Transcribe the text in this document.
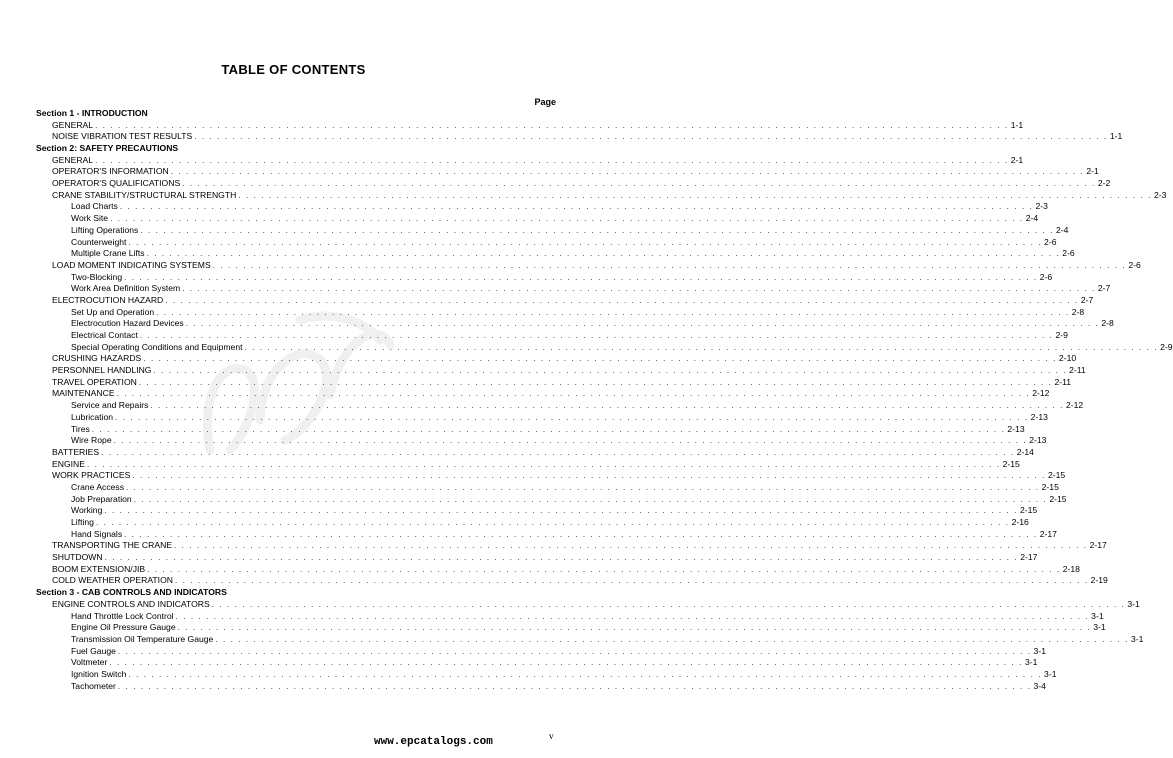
TABLE OF CONTENTS
Page
Section 1 - INTRODUCTION
GENERAL . . . . . . . . . . . . . . . . . . . . . . . . . . . . . . . . . . . . . . . . . . . . . . . . . . . . . . . . . . . . . . . . . . . . . . . . . . . . . . . . . . . . . . . . . . . . . . . . . . . . . . . . . . . . . . . . . . . . . . . . 1-1
NOISE VIBRATION TEST RESULTS . . . . . . . . . . . . . . . . . . . . . . . . . . . . . . . . . . . . . . . . . . . . . . . . . . . . . . . . . . . . . . . . . . . . . . . . . . . . . . . . . . . . . . . . . . . . . . . . . . . . . . . . . . . . . . . . . . . . . . . . 1-1
Section 2: SAFETY PRECAUTIONS
GENERAL . . . . . . . . . . . . . . . . . . . . . . . . . . . . . . . . . . . . . . . . . . . . . . . . . . . . . . . . . . . . . . . . . . . . . . . . . . . . . . . . . . . . . . . . . . . . . . . . . . . . . . . . . . . . . . . . . . . . . . . . 2-1
OPERATOR'S INFORMATION . . . . . . . . . . . . . . . . . . . . . . . . . . . . . . . . . . . . . . . . . . . . . . . . . . . . . . . . . . . . . . . . . . . . . . . . . . . . . . . . . . . . . . . . . . . . . . . . . . . . . . . . . . . . . . . . . . . . . . . . 2-1
OPERATOR'S QUALIFICATIONS . . . . . . . . . . . . . . . . . . . . . . . . . . . . . . . . . . . . . . . . . . . . . . . . . . . . . . . . . . . . . . . . . . . . . . . . . . . . . . . . . . . . . . . . . . . . . . . . . . . . . . . . . . . . . . . . . . . . . . . . 2-2
CRANE STABILITY/STRUCTURAL STRENGTH . . . . . . . . . . . . . . . . . . . . . . . . . . . . . . . . . . . . . . . . . . . . . . . . . . . . . . . . . . . . . . . . . . . . . . . . . . . . . . . . . . . . . . . . . . . . . . . . . . . . . . . . . . . . . . . . . . . . . . . . 2-3
Load Charts . . . . . . . . . . . . . . . . . . . . . . . . . . . . . . . . . . . . . . . . . . . . . . . . . . . . . . . . . . . . . . . . . . . . . . . . . . . . . . . . . . . . . . . . . . . . . . . . . . . . . . . . . . . . . . . . . . . . . . . . 2-3
Work Site . . . . . . . . . . . . . . . . . . . . . . . . . . . . . . . . . . . . . . . . . . . . . . . . . . . . . . . . . . . . . . . . . . . . . . . . . . . . . . . . . . . . . . . . . . . . . . . . . . . . . . . . . . . . . . . . . . . . . . . . 2-4
Lifting Operations . . . . . . . . . . . . . . . . . . . . . . . . . . . . . . . . . . . . . . . . . . . . . . . . . . . . . . . . . . . . . . . . . . . . . . . . . . . . . . . . . . . . . . . . . . . . . . . . . . . . . . . . . . . . . . . . . . . . . . . . 2-4
Counterweight . . . . . . . . . . . . . . . . . . . . . . . . . . . . . . . . . . . . . . . . . . . . . . . . . . . . . . . . . . . . . . . . . . . . . . . . . . . . . . . . . . . . . . . . . . . . . . . . . . . . . . . . . . . . . . . . . . . . . . . . 2-6
Multiple Crane Lifts . . . . . . . . . . . . . . . . . . . . . . . . . . . . . . . . . . . . . . . . . . . . . . . . . . . . . . . . . . . . . . . . . . . . . . . . . . . . . . . . . . . . . . . . . . . . . . . . . . . . . . . . . . . . . . . . . . . . . . . . 2-6
LOAD MOMENT INDICATING SYSTEMS . . . . . . . . . . . . . . . . . . . . . . . . . . . . . . . . . . . . . . . . . . . . . . . . . . . . . . . . . . . . . . . . . . . . . . . . . . . . . . . . . . . . . . . . . . . . . . . . . . . . . . . . . . . . . . . . . . . . . . . . 2-6
Two-Blocking . . . . . . . . . . . . . . . . . . . . . . . . . . . . . . . . . . . . . . . . . . . . . . . . . . . . . . . . . . . . . . . . . . . . . . . . . . . . . . . . . . . . . . . . . . . . . . . . . . . . . . . . . . . . . . . . . . . . . . . . 2-6
Work Area Definition System . . . . . . . . . . . . . . . . . . . . . . . . . . . . . . . . . . . . . . . . . . . . . . . . . . . . . . . . . . . . . . . . . . . . . . . . . . . . . . . . . . . . . . . . . . . . . . . . . . . . . . . . . . . . . . . . . . . . . . . . 2-7
ELECTROCUTION HAZARD . . . . . . . . . . . . . . . . . . . . . . . . . . . . . . . . . . . . . . . . . . . . . . . . . . . . . . . . . . . . . . . . . . . . . . . . . . . . . . . . . . . . . . . . . . . . . . . . . . . . . . . . . . . . . . . . . . . . . . . . 2-7
Set Up and Operation . . . . . . . . . . . . . . . . . . . . . . . . . . . . . . . . . . . . . . . . . . . . . . . . . . . . . . . . . . . . . . . . . . . . . . . . . . . . . . . . . . . . . . . . . . . . . . . . . . . . . . . . . . . . . . . . . . . . . . . . 2-8
Electrocution Hazard Devices . . . . . . . . . . . . . . . . . . . . . . . . . . . . . . . . . . . . . . . . . . . . . . . . . . . . . . . . . . . . . . . . . . . . . . . . . . . . . . . . . . . . . . . . . . . . . . . . . . . . . . . . . . . . . . . . . . . . . . . . 2-8
Electrical Contact . . . . . . . . . . . . . . . . . . . . . . . . . . . . . . . . . . . . . . . . . . . . . . . . . . . . . . . . . . . . . . . . . . . . . . . . . . . . . . . . . . . . . . . . . . . . . . . . . . . . . . . . . . . . . . . . . . . . . . . . 2-9
Special Operating Conditions and Equipment . . . . . . . . . . . . . . . . . . . . . . . . . . . . . . . . . . . . . . . . . . . . . . . . . . . . . . . . . . . . . . . . . . . . . . . . . . . . . . . . . . . . . . . . . . . . . . . . . . . . . . . . . . . . . . . . . . . . . . . . 2-9
CRUSHING HAZARDS . . . . . . . . . . . . . . . . . . . . . . . . . . . . . . . . . . . . . . . . . . . . . . . . . . . . . . . . . . . . . . . . . . . . . . . . . . . . . . . . . . . . . . . . . . . . . . . . . . . . . . . . . . . . . . . . . . . . . . . . 2-10
PERSONNEL HANDLING . . . . . . . . . . . . . . . . . . . . . . . . . . . . . . . . . . . . . . . . . . . . . . . . . . . . . . . . . . . . . . . . . . . . . . . . . . . . . . . . . . . . . . . . . . . . . . . . . . . . . . . . . . . . . . . . . . . . . . . . 2-11
TRAVEL OPERATION . . . . . . . . . . . . . . . . . . . . . . . . . . . . . . . . . . . . . . . . . . . . . . . . . . . . . . . . . . . . . . . . . . . . . . . . . . . . . . . . . . . . . . . . . . . . . . . . . . . . . . . . . . . . . . . . . . . . . . . . 2-11
MAINTENANCE . . . . . . . . . . . . . . . . . . . . . . . . . . . . . . . . . . . . . . . . . . . . . . . . . . . . . . . . . . . . . . . . . . . . . . . . . . . . . . . . . . . . . . . . . . . . . . . . . . . . . . . . . . . . . . . . . . . . . . . . 2-12
Service and Repairs . . . . . . . . . . . . . . . . . . . . . . . . . . . . . . . . . . . . . . . . . . . . . . . . . . . . . . . . . . . . . . . . . . . . . . . . . . . . . . . . . . . . . . . . . . . . . . . . . . . . . . . . . . . . . . . . . . . . . . . . 2-12
Lubrication . . . . . . . . . . . . . . . . . . . . . . . . . . . . . . . . . . . . . . . . . . . . . . . . . . . . . . . . . . . . . . . . . . . . . . . . . . . . . . . . . . . . . . . . . . . . . . . . . . . . . . . . . . . . . . . . . . . . . . . . 2-13
Tires . . . . . . . . . . . . . . . . . . . . . . . . . . . . . . . . . . . . . . . . . . . . . . . . . . . . . . . . . . . . . . . . . . . . . . . . . . . . . . . . . . . . . . . . . . . . . . . . . . . . . . . . . . . . . . . . . . . . . . . . 2-13
Wire Rope . . . . . . . . . . . . . . . . . . . . . . . . . . . . . . . . . . . . . . . . . . . . . . . . . . . . . . . . . . . . . . . . . . . . . . . . . . . . . . . . . . . . . . . . . . . . . . . . . . . . . . . . . . . . . . . . . . . . . . . . 2-13
BATTERIES . . . . . . . . . . . . . . . . . . . . . . . . . . . . . . . . . . . . . . . . . . . . . . . . . . . . . . . . . . . . . . . . . . . . . . . . . . . . . . . . . . . . . . . . . . . . . . . . . . . . . . . . . . . . . . . . . . . . . . . . 2-14
ENGINE . . . . . . . . . . . . . . . . . . . . . . . . . . . . . . . . . . . . . . . . . . . . . . . . . . . . . . . . . . . . . . . . . . . . . . . . . . . . . . . . . . . . . . . . . . . . . . . . . . . . . . . . . . . . . . . . . . . . . . . . 2-15
WORK PRACTICES . . . . . . . . . . . . . . . . . . . . . . . . . . . . . . . . . . . . . . . . . . . . . . . . . . . . . . . . . . . . . . . . . . . . . . . . . . . . . . . . . . . . . . . . . . . . . . . . . . . . . . . . . . . . . . . . . . . . . . . . 2-15
Crane Access . . . . . . . . . . . . . . . . . . . . . . . . . . . . . . . . . . . . . . . . . . . . . . . . . . . . . . . . . . . . . . . . . . . . . . . . . . . . . . . . . . . . . . . . . . . . . . . . . . . . . . . . . . . . . . . . . . . . . . . . 2-15
Job Preparation . . . . . . . . . . . . . . . . . . . . . . . . . . . . . . . . . . . . . . . . . . . . . . . . . . . . . . . . . . . . . . . . . . . . . . . . . . . . . . . . . . . . . . . . . . . . . . . . . . . . . . . . . . . . . . . . . . . . . . . . 2-15
Working . . . . . . . . . . . . . . . . . . . . . . . . . . . . . . . . . . . . . . . . . . . . . . . . . . . . . . . . . . . . . . . . . . . . . . . . . . . . . . . . . . . . . . . . . . . . . . . . . . . . . . . . . . . . . . . . . . . . . . . . 2-15
Lifting . . . . . . . . . . . . . . . . . . . . . . . . . . . . . . . . . . . . . . . . . . . . . . . . . . . . . . . . . . . . . . . . . . . . . . . . . . . . . . . . . . . . . . . . . . . . . . . . . . . . . . . . . . . . . . . . . . . . . . . . 2-16
Hand Signals . . . . . . . . . . . . . . . . . . . . . . . . . . . . . . . . . . . . . . . . . . . . . . . . . . . . . . . . . . . . . . . . . . . . . . . . . . . . . . . . . . . . . . . . . . . . . . . . . . . . . . . . . . . . . . . . . . . . . . . . 2-17
TRANSPORTING THE CRANE . . . . . . . . . . . . . . . . . . . . . . . . . . . . . . . . . . . . . . . . . . . . . . . . . . . . . . . . . . . . . . . . . . . . . . . . . . . . . . . . . . . . . . . . . . . . . . . . . . . . . . . . . . . . . . . . . . . . . . . . 2-17
SHUTDOWN . . . . . . . . . . . . . . . . . . . . . . . . . . . . . . . . . . . . . . . . . . . . . . . . . . . . . . . . . . . . . . . . . . . . . . . . . . . . . . . . . . . . . . . . . . . . . . . . . . . . . . . . . . . . . . . . . . . . . . . . 2-17
BOOM EXTENSION/JIB . . . . . . . . . . . . . . . . . . . . . . . . . . . . . . . . . . . . . . . . . . . . . . . . . . . . . . . . . . . . . . . . . . . . . . . . . . . . . . . . . . . . . . . . . . . . . . . . . . . . . . . . . . . . . . . . . . . . . . . . 2-18
COLD WEATHER OPERATION . . . . . . . . . . . . . . . . . . . . . . . . . . . . . . . . . . . . . . . . . . . . . . . . . . . . . . . . . . . . . . . . . . . . . . . . . . . . . . . . . . . . . . . . . . . . . . . . . . . . . . . . . . . . . . . . . . . . . . . . 2-19
Section 3 - CAB CONTROLS AND INDICATORS
ENGINE CONTROLS AND INDICATORS . . . . . . . . . . . . . . . . . . . . . . . . . . . . . . . . . . . . . . . . . . . . . . . . . . . . . . . . . . . . . . . . . . . . . . . . . . . . . . . . . . . . . . . . . . . . . . . . . . . . . . . . . . . . . . . . . . . . . . . . 3-1
Hand Throttle Lock Control . . . . . . . . . . . . . . . . . . . . . . . . . . . . . . . . . . . . . . . . . . . . . . . . . . . . . . . . . . . . . . . . . . . . . . . . . . . . . . . . . . . . . . . . . . . . . . . . . . . . . . . . . . . . . . . . . . . . . . . . 3-1
Engine Oil Pressure Gauge . . . . . . . . . . . . . . . . . . . . . . . . . . . . . . . . . . . . . . . . . . . . . . . . . . . . . . . . . . . . . . . . . . . . . . . . . . . . . . . . . . . . . . . . . . . . . . . . . . . . . . . . . . . . . . . . . . . . . . . . 3-1
Transmission Oil Temperature Gauge . . . . . . . . . . . . . . . . . . . . . . . . . . . . . . . . . . . . . . . . . . . . . . . . . . . . . . . . . . . . . . . . . . . . . . . . . . . . . . . . . . . . . . . . . . . . . . . . . . . . . . . . . . . . . . . . . . . . . . . . 3-1
Fuel Gauge . . . . . . . . . . . . . . . . . . . . . . . . . . . . . . . . . . . . . . . . . . . . . . . . . . . . . . . . . . . . . . . . . . . . . . . . . . . . . . . . . . . . . . . . . . . . . . . . . . . . . . . . . . . . . . . . . . . . . . . . 3-1
Voltmeter . . . . . . . . . . . . . . . . . . . . . . . . . . . . . . . . . . . . . . . . . . . . . . . . . . . . . . . . . . . . . . . . . . . . . . . . . . . . . . . . . . . . . . . . . . . . . . . . . . . . . . . . . . . . . . . . . . . . . . . . 3-1
Ignition Switch . . . . . . . . . . . . . . . . . . . . . . . . . . . . . . . . . . . . . . . . . . . . . . . . . . . . . . . . . . . . . . . . . . . . . . . . . . . . . . . . . . . . . . . . . . . . . . . . . . . . . . . . . . . . . . . . . . . . . . . . 3-1
Tachometer . . . . . . . . . . . . . . . . . . . . . . . . . . . . . . . . . . . . . . . . . . . . . . . . . . . . . . . . . . . . . . . . . . . . . . . . . . . . . . . . . . . . . . . . . . . . . . . . . . . . . . . . . . . . . . . . . . . . . . . . 3-4
www.epcatalogs.com	v
